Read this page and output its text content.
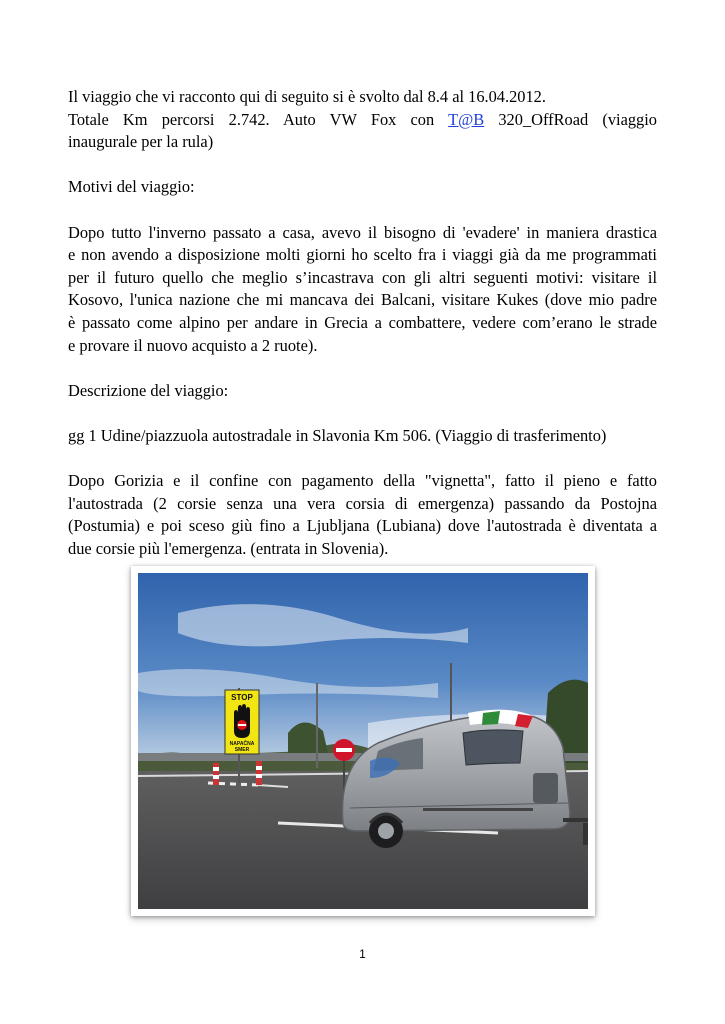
Il viaggio che vi racconto qui di seguito si è svolto dal 8.4 al 16.04.2012.

Totale Km percorsi 2.742. Auto VW Fox con T@B 320_OffRoad (viaggio

inaugurale per la rula)

Motivi del viaggio:

Dopo tutto l'inverno passato a casa, avevo il bisogno di 'evadere' in maniera drastica

e non avendo a disposizione molti giorni ho scelto fra i viaggi già da me programmati

per il futuro quello che meglio s’incastrava con gli altri seguenti motivi: visitare il

Kosovo, l'unica nazione che mi mancava dei Balcani, visitare Kukes (dove mio padre

è passato come alpino per andare in Grecia a combattere, vedere com’erano le strade

e provare il nuovo acquisto a 2 ruote).

Descrizione del viaggio:

gg 1 Udine/piazzuola autostradale in Slavonia Km 506. (Viaggio di trasferimento)

Dopo Gorizia e il confine con pagamento della "vignetta", fatto il pieno e fatto

l'autostrada (2 corsie senza una vera corsia di emergenza) passando da Postojna

(Postumia) e poi sceso giù fino a Ljubljana (Lubiana) dove l'autostrada è diventata a

due corsie più l'emergenza. (entrata in Slovenia).

STOP
NAPAČNA
SMER
1
